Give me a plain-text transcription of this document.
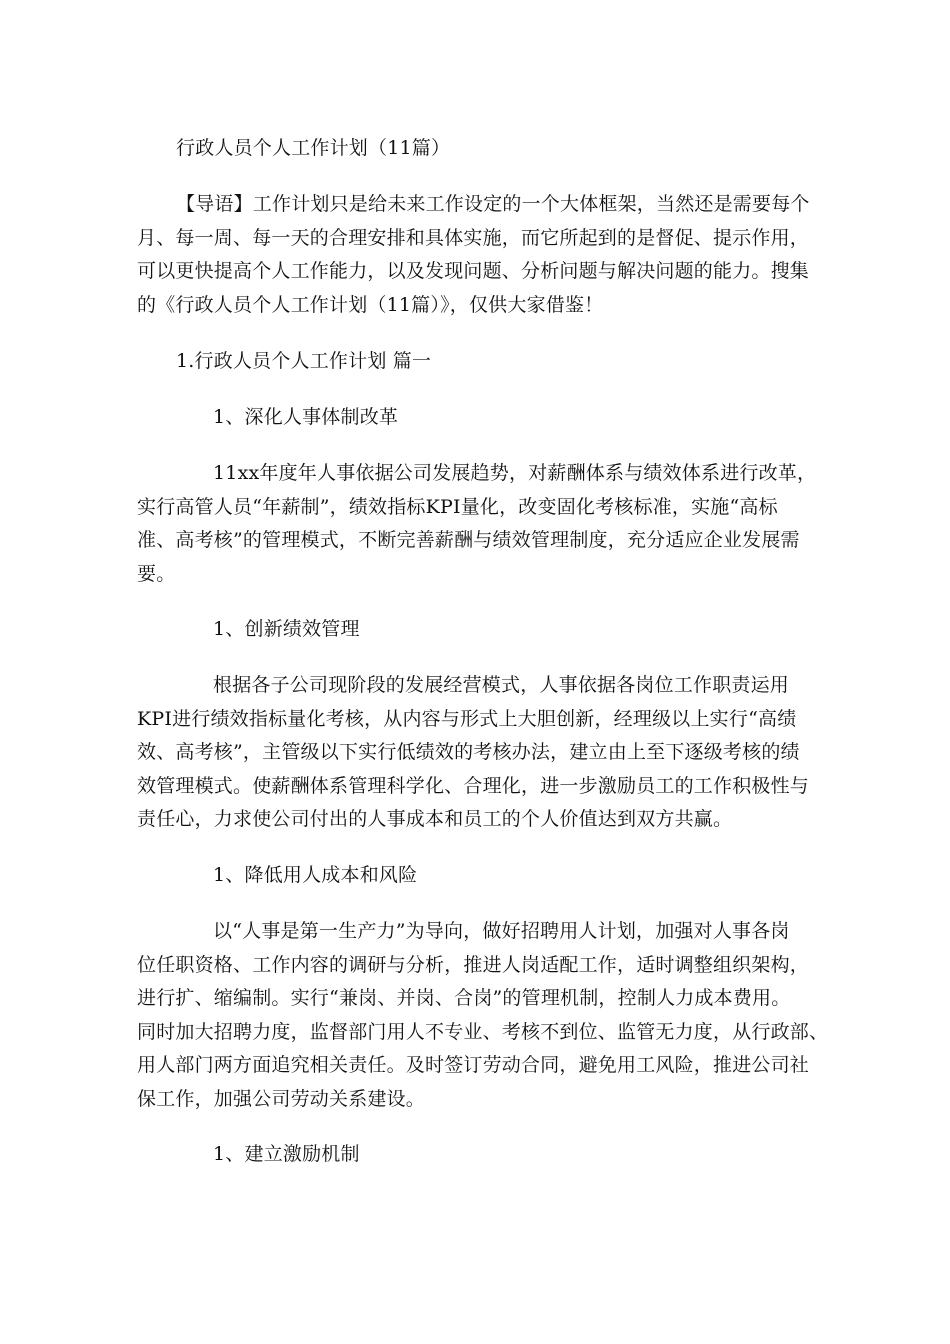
行政人员个人工作计划（11篇）
【导语】工作计划只是给未来工作设定的一个大体框架，当然还是需要每个
月、每一周、每一天的合理安排和具体实施，而它所起到的是督促、提示作用，
可以更快提高个人工作能力，以及发现问题、分析问题与解决问题的能力。搜集
的《行政人员个人工作计划（11篇）》，仅供大家借鉴！
1.行政人员个人工作计划 篇一
1、深化人事体制改革
11xx年度年人事依据公司发展趋势，对薪酬体系与绩效体系进行改革，
实行高管人员“年薪制”，绩效指标KPI量化，改变固化考核标准，实施“高标
准、高考核”的管理模式，不断完善薪酬与绩效管理制度，充分适应企业发展需
要。
1、创新绩效管理
根据各子公司现阶段的发展经营模式，人事依据各岗位工作职责运用
KPI进行绩效指标量化考核，从内容与形式上大胆创新，经理级以上实行“高绩
效、高考核”，主管级以下实行低绩效的考核办法，建立由上至下逐级考核的绩
效管理模式。使薪酬体系管理科学化、合理化，进一步激励员工的工作积极性与
责任心，力求使公司付出的人事成本和员工的个人价值达到双方共赢。
1、降低用人成本和风险
以“人事是第一生产力”为导向，做好招聘用人计划，加强对人事各岗
位任职资格、工作内容的调研与分析，推进人岗适配工作，适时调整组织架构，
进行扩、缩编制。实行“兼岗、并岗、合岗”的管理机制，控制人力成本费用。
同时加大招聘力度，监督部门用人不专业、考核不到位、监管无力度，从行政部、
用人部门两方面追究相关责任。及时签订劳动合同，避免用工风险，推进公司社
保工作，加强公司劳动关系建设。
1、建立激励机制
